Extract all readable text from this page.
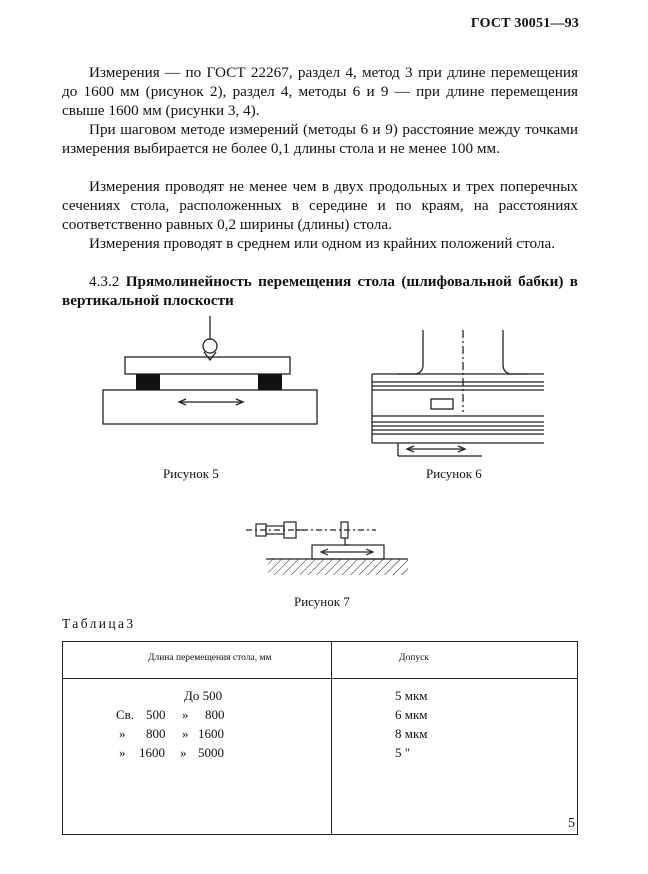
ГОСТ 30051—93

Измерения — по ГОСТ 22267, раздел 4, метод 3 при длине перемещения до 1600 мм (рисунок 2), раздел 4, методы 6 и 9 — при длине перемещения свыше 1600 мм (рисунки 3, 4).

При шаговом методе измерений (методы 6 и 9) расстояние между точками измерения выбирается не более 0,1 длины стола и не менее 100 мм.

Измерения проводят не менее чем в двух продольных и трех поперечных сечениях стола, расположенных в середине и по краям, на расстояниях соответственно равных 0,2 ширины (длины) стола.

Измерения проводят в среднем или одном из крайних положений стола.

4.3.2 Прямолинейность перемещения стола (шлифовальной бабки) в вертикальной плоскости

Рисунок 5	Рисунок 6
Рисунок 7
Таблица3
Длина перемещения стола, мм	Допуск
До 500
Св. 500 » 800
» 800 » 1600
» 1600 » 5000
5 мкм
6 мкм
8 мкм
5 "
5
